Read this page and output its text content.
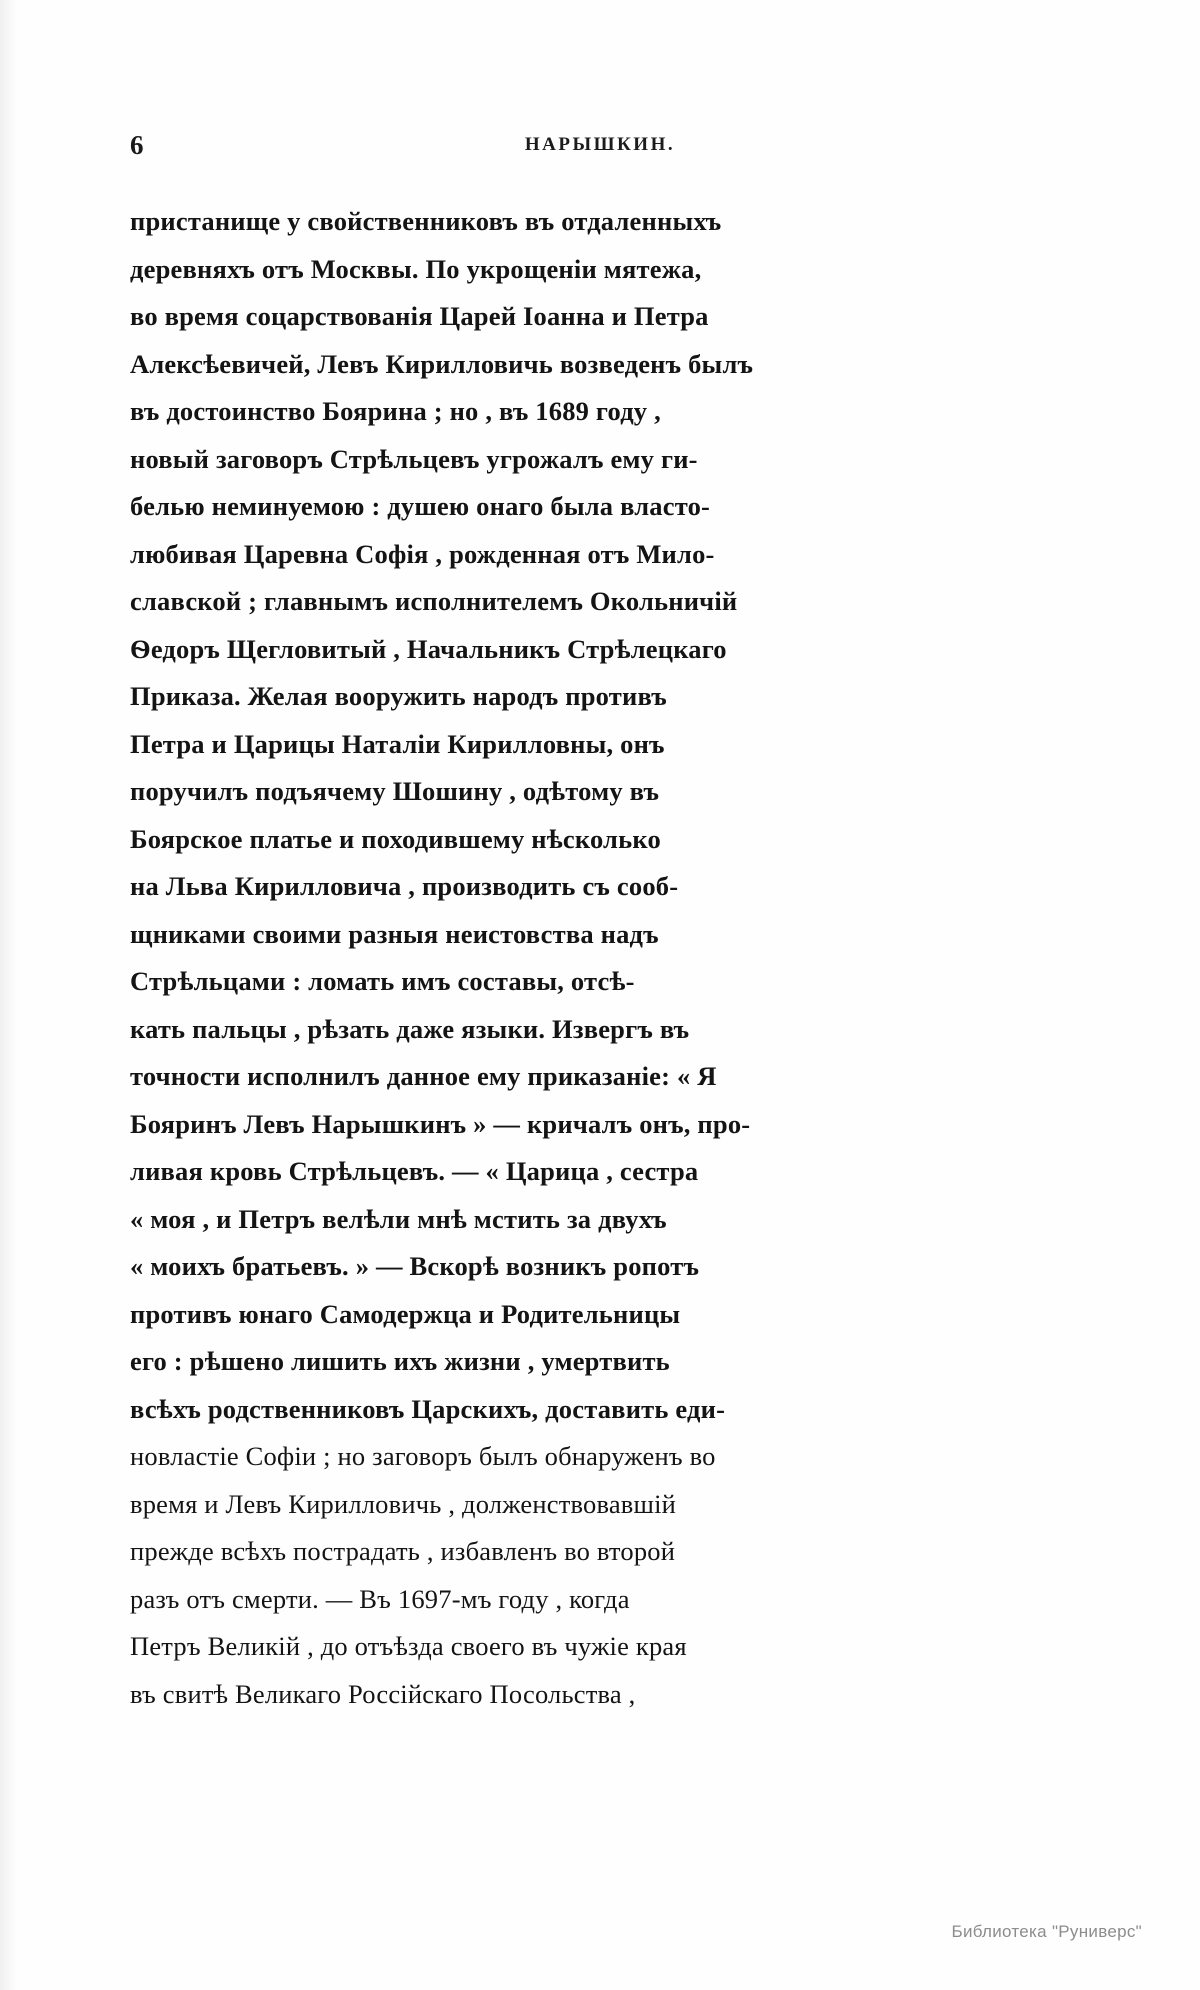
6	НАРЫШКИН.
пристанище у свойственниковъ въ отдаленныхъ
деревняхъ отъ Москвы. По укрощеніи мятежа,
во время соцарствованія Царей Іоанна и Петра
Алексѣевичей, Левъ Кирилловичь возведенъ былъ
въ достоинство Боярина ; но , въ 1689 году ,
новый заговоръ Стрѣльцевъ угрожалъ ему ги-
белью неминуемою : душею онаго была власто-
любивая Царевна Софія , рожденная отъ Мило-
славской ; главнымъ исполнителемъ Окольничій
Ѳедоръ Щегловитый , Начальникъ Стрѣлецкаго
Приказа. Желая вооружить народъ противъ
Петра и Царицы Наталіи Кирилловны, онъ
поручилъ подъячему Шошину , одѣтому въ
Боярское платье и походившему нѣсколько
на Льва Кирилловича , производить съ сооб-
щниками своими разныя неистовства надъ
Стрѣльцами : ломать имъ составы, отсѣ-
кать пальцы , рѣзать даже языки. Извергъ въ
точности исполнилъ данное ему приказаніе: « Я
Бояринъ Левъ Нарышкинъ » — кричалъ онъ, про-
ливая кровь Стрѣльцевъ. — « Царица , сестра
« моя , и Петръ велѣли мнѣ мстить за двухъ
« моихъ братьевъ. » — Вскорѣ возникъ ропотъ
противъ юнаго Самодержца и Родительницы
его : рѣшено лишить ихъ жизни , умертвить
всѣхъ родственниковъ Царскихъ, доставить еди-
новластіе Софіи ; но заговоръ былъ обнаруженъ во
время и Левъ Кирилловичь , долженствовавшій
прежде всѣхъ пострадать , избавленъ во второй
разъ отъ смерти. — Въ 1697-мъ году , когда
Петръ Великій , до отъѣзда своего въ чужіе края
въ свитѣ Великаго Россійскаго Посольства ,
Библиотека "Руниверс"
